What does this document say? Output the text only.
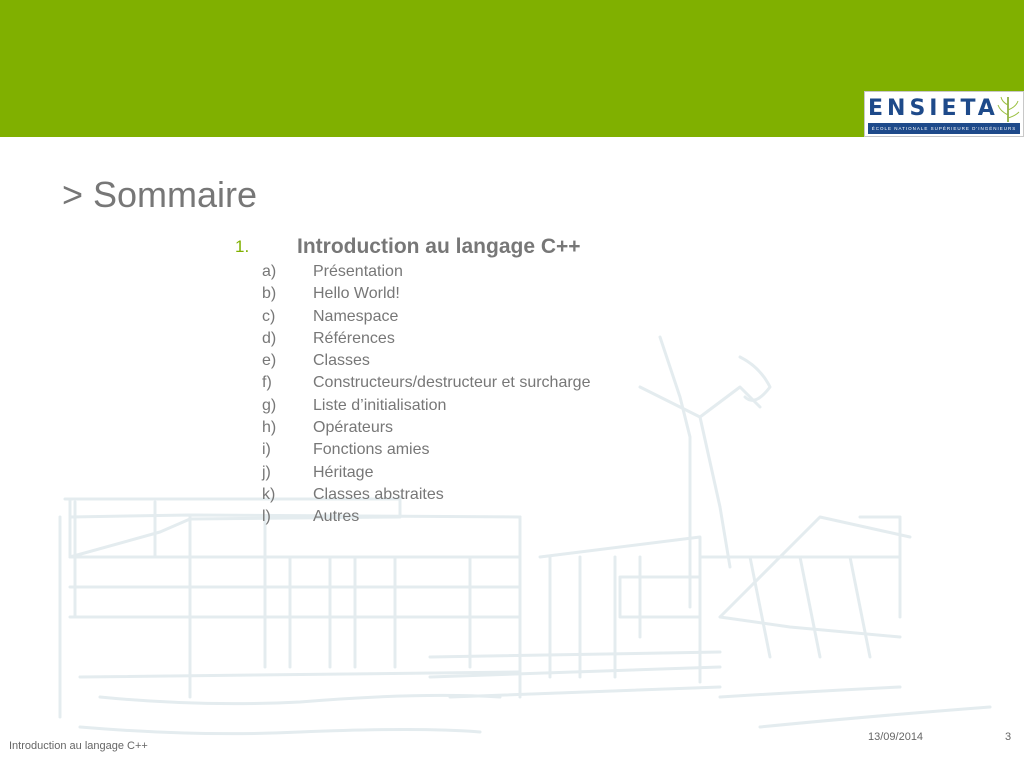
ENSIETA
ÉCOLE NATIONALE SUPÉRIEURE D'INGÉNIEURS
> Sommaire
1.	Introduction au langage C++
a)	Présentation
b)	Hello World!
c)	Namespace
d)	Références
e)	Classes
f)	Constructeurs/destructeur et surcharge
g)	Liste d’initialisation
h)	Opérateurs
i)	Fonctions amies
j)	Héritage
k)	Classes abstraites
l)	Autres
Introduction au langage C++
13/09/2014	3
